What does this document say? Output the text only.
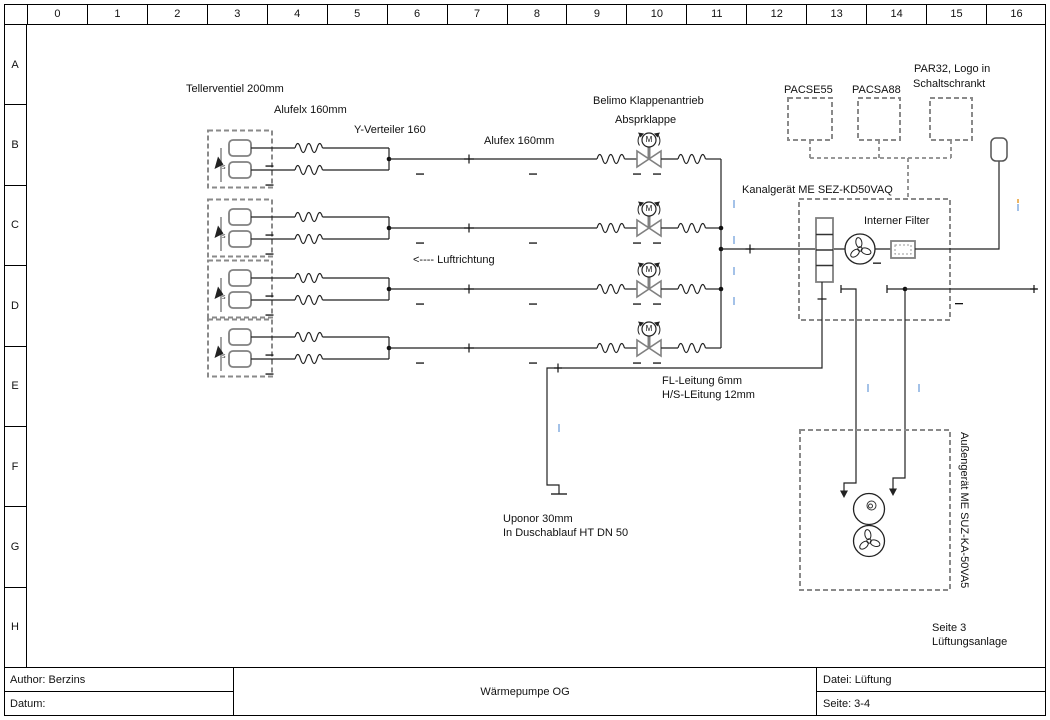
Tellerventiel 200mm
Alufelx 160mm
Y-Verteiler 160
Alufex 160mm
Belimo Klappenantrieb
Absprklappe
<---- Luftrichtung
Kanalgerät ME SEZ-KD50VAQ
Interner Filter
PACSE55 PACSA88
PAR32, Logo in
Schaltschrankt
FL-Leitung 6mm
H/S-LEitung 12mm
Uponor 30mm
In Duschablauf HT DN 50	Außengerät ME SUZ-KA-50VA5
Seite 3
Lüftungsanlage
M
M
M
M
s
s
s
s
0	1	2	3	4	5	6	7	8	9	10	11	12	13	14	15	16
A
B
C
D
E
F
G
H
Author: Berzins
Datum:
Wärmepumpe OG
Datei: Lüftung
Seite: 3-4
